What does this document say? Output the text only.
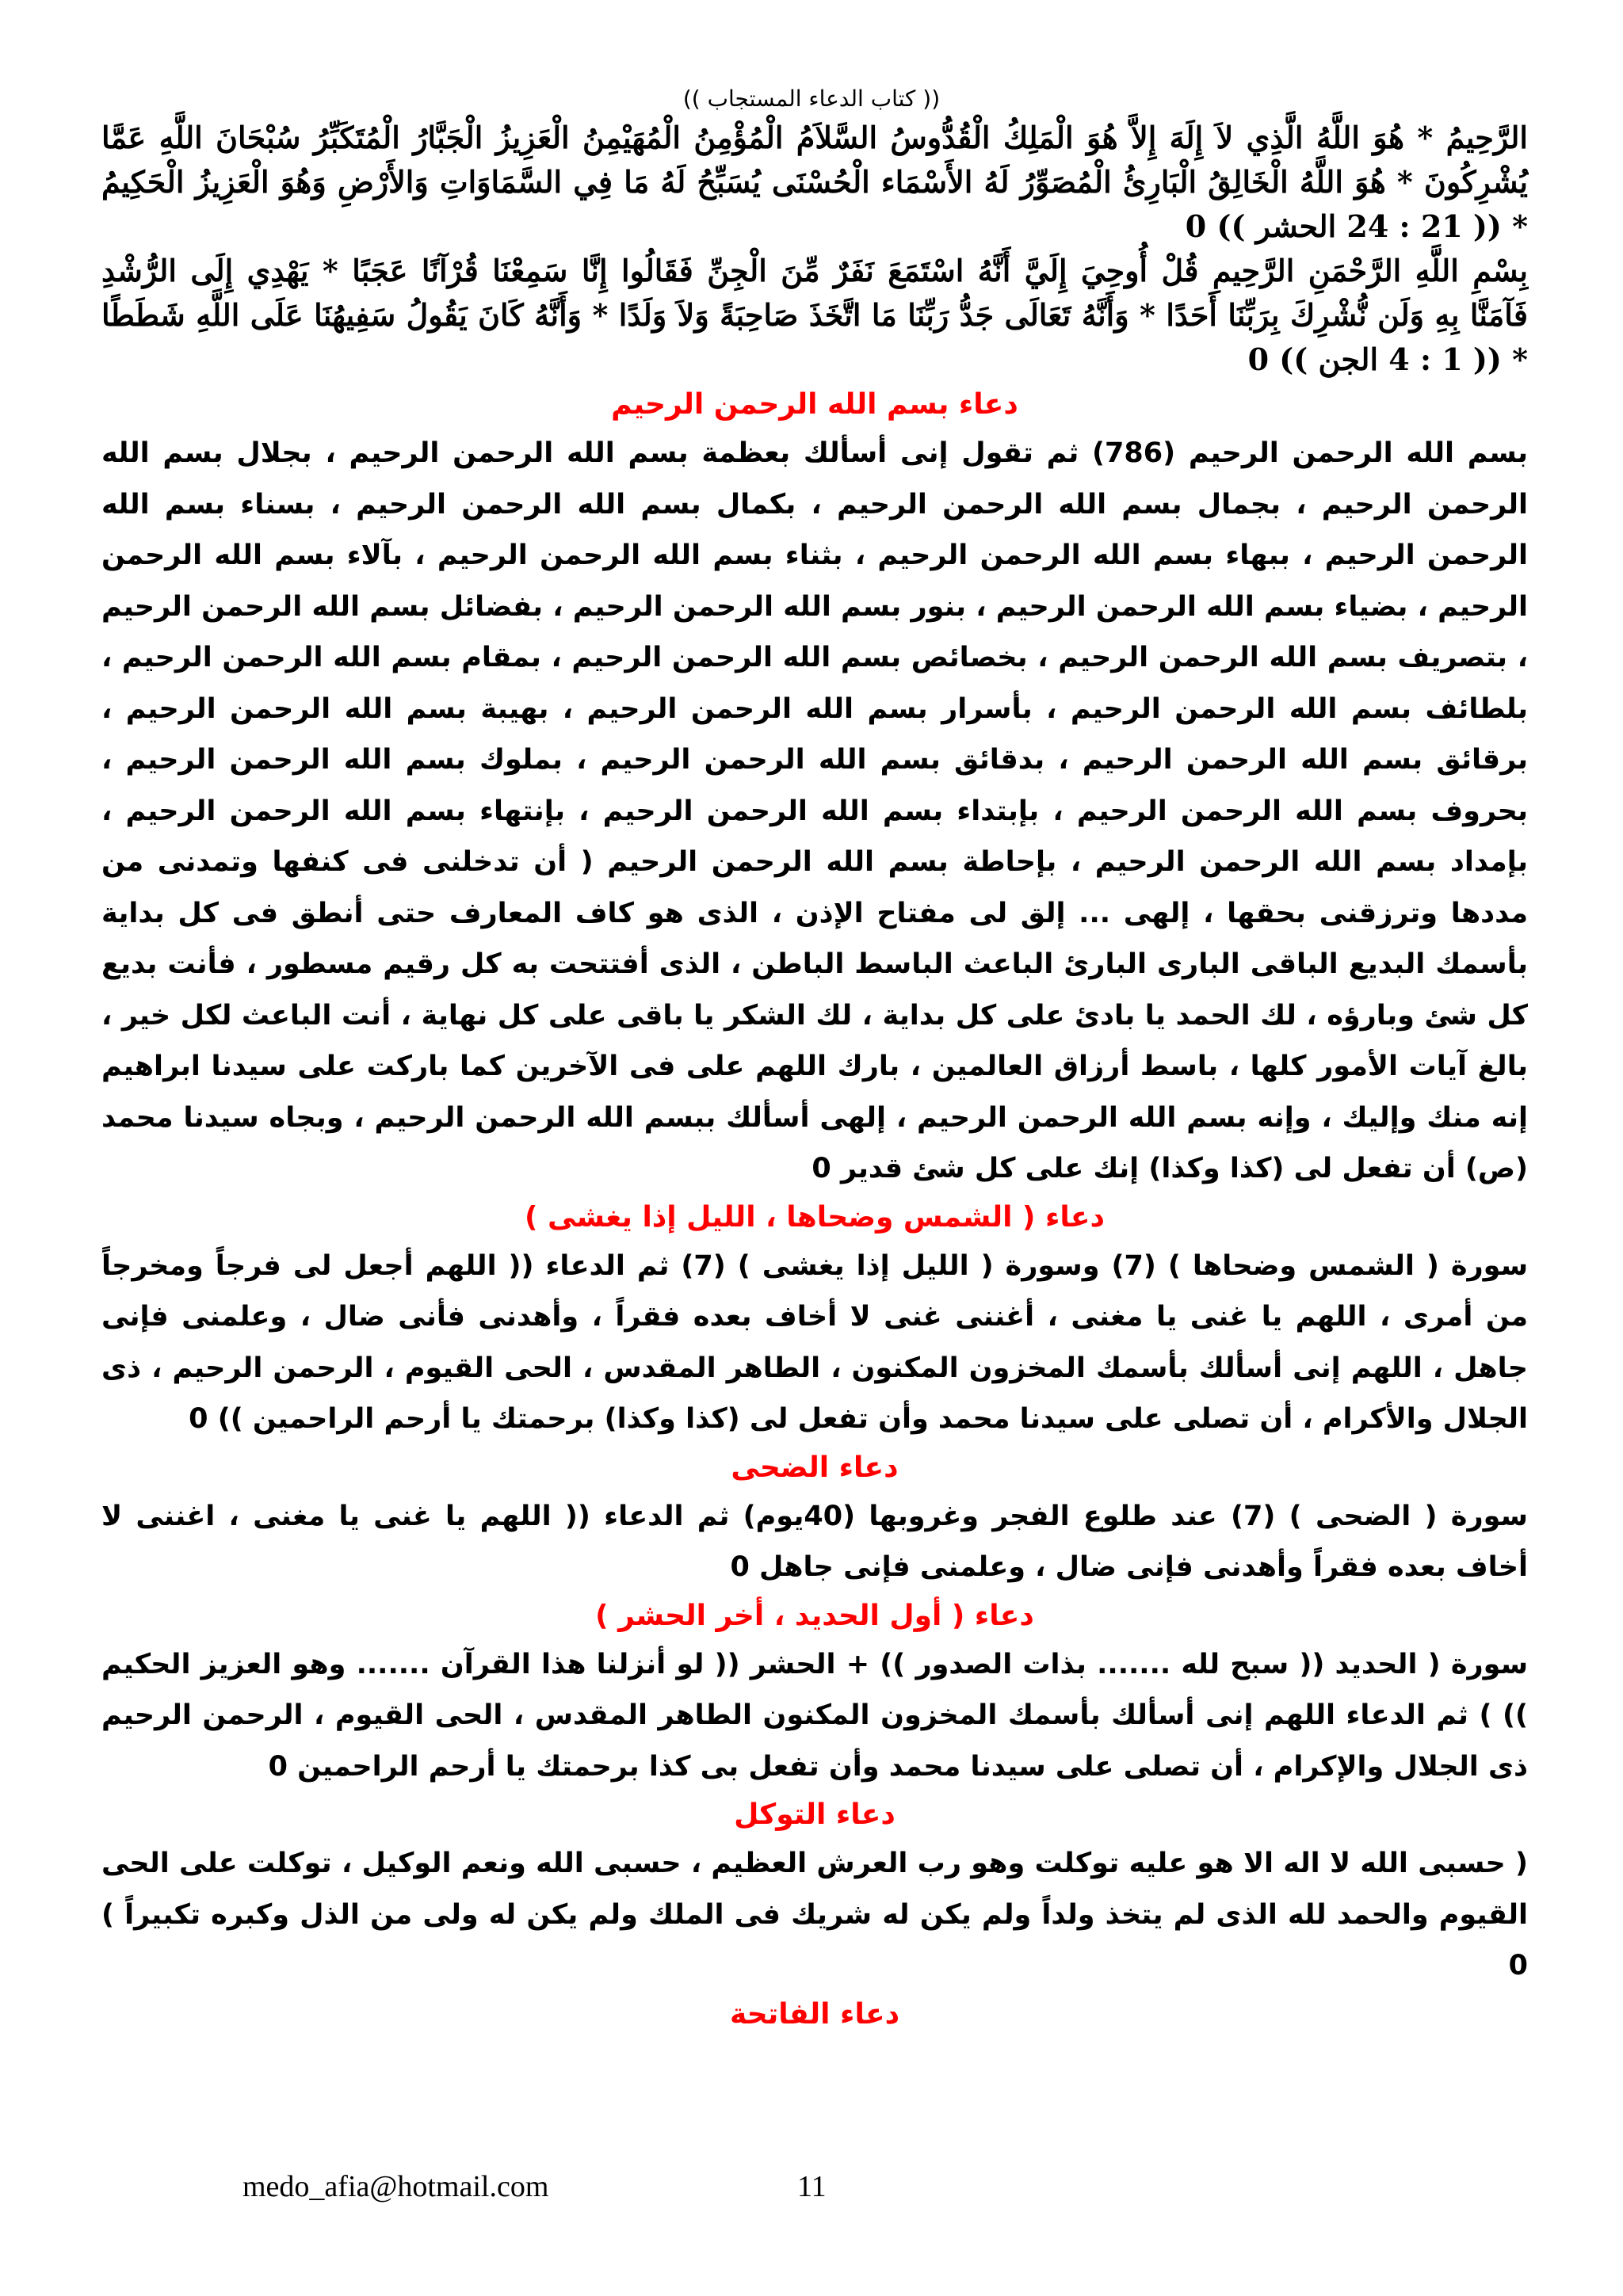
(( كتاب الدعاء المستجاب ))

الرَّحِيمُ * هُوَ اللَّهُ الَّذِي لاَ إِلَهَ إِلاَّ هُوَ الْمَلِكُ الْقُدُّوسُ السَّلاَمُ الْمُؤْمِنُ الْمُهَيْمِنُ الْعَزِيزُ الْجَبَّارُ الْمُتَكَبِّرُ سُبْحَانَ اللَّهِ عَمَّا يُشْرِكُونَ * هُوَ اللَّهُ الْخَالِقُ الْبَارِئُ الْمُصَوِّرُ لَهُ الأَسْمَاء الْحُسْنَى يُسَبِّحُ لَهُ مَا فِي السَّمَاوَاتِ وَالأَرْضِ وَهُوَ الْعَزِيزُ الْحَكِيمُ * (( 21 : 24 الحشر )) 0

بِسْمِ اللَّهِ الرَّحْمَنِ الرَّحِيمِ قُلْ أُوحِيَ إِلَيَّ أَنَّهُ اسْتَمَعَ نَفَرٌ مِّنَ الْجِنِّ فَقَالُوا إِنَّا سَمِعْنَا قُرْآنًا عَجَبًا * يَهْدِي إِلَى الرُّشْدِ فَآمَنَّا بِهِ وَلَن نُّشْرِكَ بِرَبِّنَا أَحَدًا * وَأَنَّهُ تَعَالَى جَدُّ رَبِّنَا مَا اتَّخَذَ صَاحِبَةً وَلاَ وَلَدًا * وَأَنَّهُ كَانَ يَقُولُ سَفِيهُنَا عَلَى اللَّهِ شَطَطًا * (( 1 : 4 الجن )) 0

دعاء بسم الله الرحمن الرحيم

بسم الله الرحمن الرحيم (786) ثم تقول إنى أسألك بعظمة بسم الله الرحمن الرحيم ، بجلال بسم الله الرحمن الرحيم ، بجمال بسم الله الرحمن الرحيم ، بكمال بسم الله الرحمن الرحيم ، بسناء بسم الله الرحمن الرحيم ، ببهاء بسم الله الرحمن الرحيم ، بثناء بسم الله الرحمن الرحيم ، بآلاء بسم الله الرحمن الرحيم ، بضياء بسم الله الرحمن الرحيم ، بنور بسم الله الرحمن الرحيم ، بفضائل بسم الله الرحمن الرحيم ، بتصريف بسم الله الرحمن الرحيم ، بخصائص بسم الله الرحمن الرحيم ، بمقام بسم الله الرحمن الرحيم ، بلطائف بسم الله الرحمن الرحيم ، بأسرار بسم الله الرحمن الرحيم ، بهيبة بسم الله الرحمن الرحيم ، برقائق بسم الله الرحمن الرحيم ، بدقائق بسم الله الرحمن الرحيم ، بملوك بسم الله الرحمن الرحيم ، بحروف بسم الله الرحمن الرحيم ، بإبتداء بسم الله الرحمن الرحيم ، بإنتهاء بسم الله الرحمن الرحيم ، بإمداد بسم الله الرحمن الرحيم ، بإحاطة بسم الله الرحمن الرحيم ( أن تدخلنى فى كنفها وتمدنى من مددها وترزقنى بحقها ، إلهى ... إلق لى مفتاح الإذن ، الذى هو كاف المعارف حتى أنطق فى كل بداية بأسمك البديع الباقى البارى البارئ الباعث الباسط الباطن ، الذى أفتتحت به كل رقيم مسطور ، فأنت بديع كل شئ وبارؤه ، لك الحمد يا بادئ على كل بداية ، لك الشكر يا باقى على كل نهاية ، أنت الباعث لكل خير ، بالغ آيات الأمور كلها ، باسط أرزاق العالمين ، بارك اللهم على فى الآخرين كما باركت على سيدنا ابراهيم إنه منك وإليك ، وإنه بسم الله الرحمن الرحيم ، إلهى أسألك ببسم الله الرحمن الرحيم ، وبجاه سيدنا محمد (ص) أن تفعل لى (كذا وكذا) إنك على كل شئ قدير 0

دعاء ( الشمس وضحاها ، الليل إذا يغشى )

سورة ( الشمس وضحاها ) (7) وسورة ( الليل إذا يغشى ) (7) ثم الدعاء (( اللهم أجعل لى فرجاً ومخرجاً من أمرى ، اللهم يا غنى يا مغنى ، أغننى غنى لا أخاف بعده فقراً ، وأهدنى فأنى ضال ، وعلمنى فإنى جاهل ، اللهم إنى أسألك بأسمك المخزون المكنون ، الطاهر المقدس ، الحى القيوم ، الرحمن الرحيم ، ذى الجلال والأكرام ، أن تصلى على سيدنا محمد وأن تفعل لى (كذا وكذا) برحمتك يا أرحم الراحمين )) 0

دعاء الضحى

سورة ( الضحى ) (7) عند طلوع الفجر وغروبها (40يوم) ثم الدعاء (( اللهم يا غنى يا مغنى ، اغننى لا أخاف بعده فقراً وأهدنى فإنى ضال ، وعلمنى فإنى جاهل 0

دعاء ( أول الحديد ، أخر الحشر )

سورة ( الحديد (( سبح لله ....... بذات الصدور )) + الحشر (( لو أنزلنا هذا القرآن ....... وهو العزيز الحكيم )) ) ثم الدعاء اللهم إنى أسألك بأسمك المخزون المكنون الطاهر المقدس ، الحى القيوم ، الرحمن الرحيم ذى الجلال والإكرام ، أن تصلى على سيدنا محمد وأن تفعل بى كذا برحمتك يا أرحم الراحمين 0

دعاء التوكل

( حسبى الله لا اله الا هو عليه توكلت وهو رب العرش العظيم ، حسبى الله ونعم الوكيل ، توكلت على الحى القيوم والحمد لله الذى لم يتخذ ولداً ولم يكن له شريك فى الملك ولم يكن له ولى من الذل وكبره تكبيراً ) 0

دعاء الفاتحة

medo_afia@hotmail.com	11
